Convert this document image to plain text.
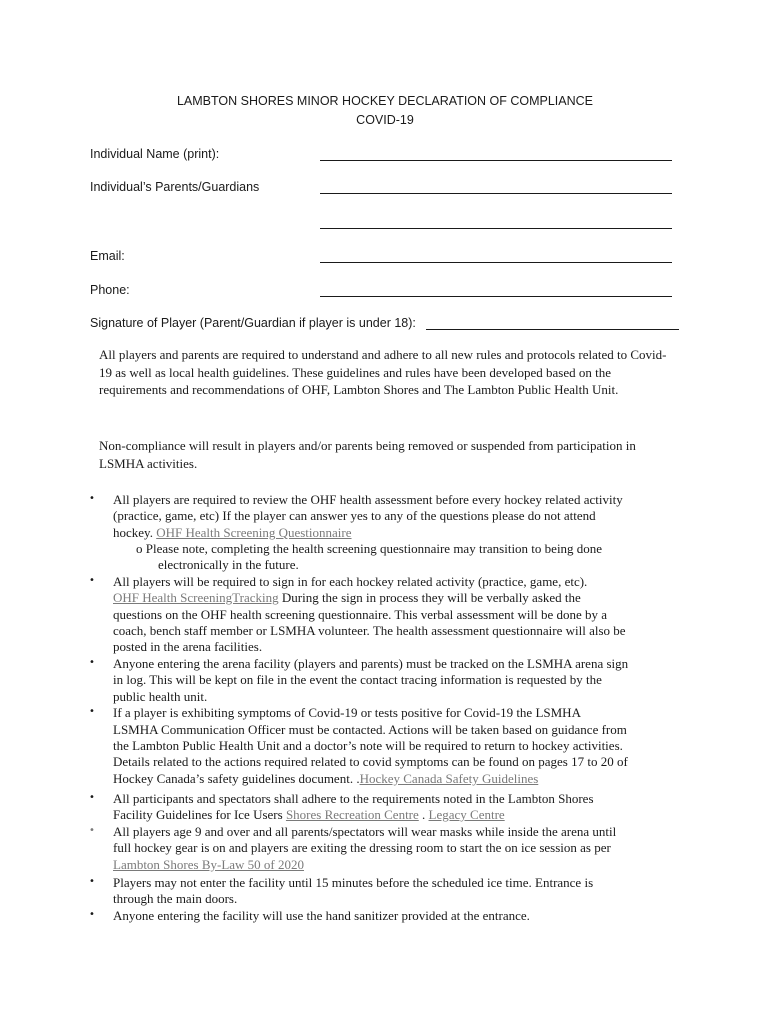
LAMBTON SHORES MINOR HOCKEY DECLARATION OF COMPLIANCE
COVID-19
Individual Name (print):
Individual’s Parents/Guardians
Email:
Phone:
Signature of Player (Parent/Guardian if player is under 18):

All players and parents are required to understand and adhere to all new rules and protocols related to Covid-19 as well as local health guidelines. These guidelines and rules have been developed based on the requirements and recommendations of OHF, Lambton Shores and The Lambton Public Health Unit.

Non-compliance will result in players and/or parents being removed or suspended from participation in LSMHA activities.

• All players are required to review the OHF health assessment before every hockey related activity
(practice, game, etc) If the player can answer yes to any of the questions please do not attend
hockey. OHF Health Screening Questionnaire
o Please note, completing the health screening questionnaire may transition to being done
electronically in the future.
• All players will be required to sign in for each hockey related activity (practice, game, etc).
OHF Health ScreeningTracking During the sign in process they will be verbally asked the
questions on the OHF health screening questionnaire. This verbal assessment will be done by a
coach, bench staff member or LSMHA volunteer. The health assessment questionnaire will also be
posted in the arena facilities.
• Anyone entering the arena facility (players and parents) must be tracked on the LSMHA arena sign
in log. This will be kept on file in the event the contact tracing information is requested by the
public health unit.
• If a player is exhibiting symptoms of Covid-19 or tests positive for Covid-19 the LSMHA
LSMHA Communication Officer must be contacted. Actions will be taken based on guidance from
the Lambton Public Health Unit and a doctor’s note will be required to return to hockey activities.
Details related to the actions required related to covid symptoms can be found on pages 17 to 20 of
Hockey Canada’s safety guidelines document. .Hockey Canada Safety Guidelines
• All participants and spectators shall adhere to the requirements noted in the Lambton Shores
Facility Guidelines for Ice Users Shores Recreation Centre . Legacy Centre
• All players age 9 and over and all parents/spectators will wear masks while inside the arena until
full hockey gear is on and players are exiting the dressing room to start the on ice session as per
Lambton Shores By-Law 50 of 2020
• Players may not enter the facility until 15 minutes before the scheduled ice time. Entrance is
through the main doors.
• Anyone entering the facility will use the hand sanitizer provided at the entrance.
